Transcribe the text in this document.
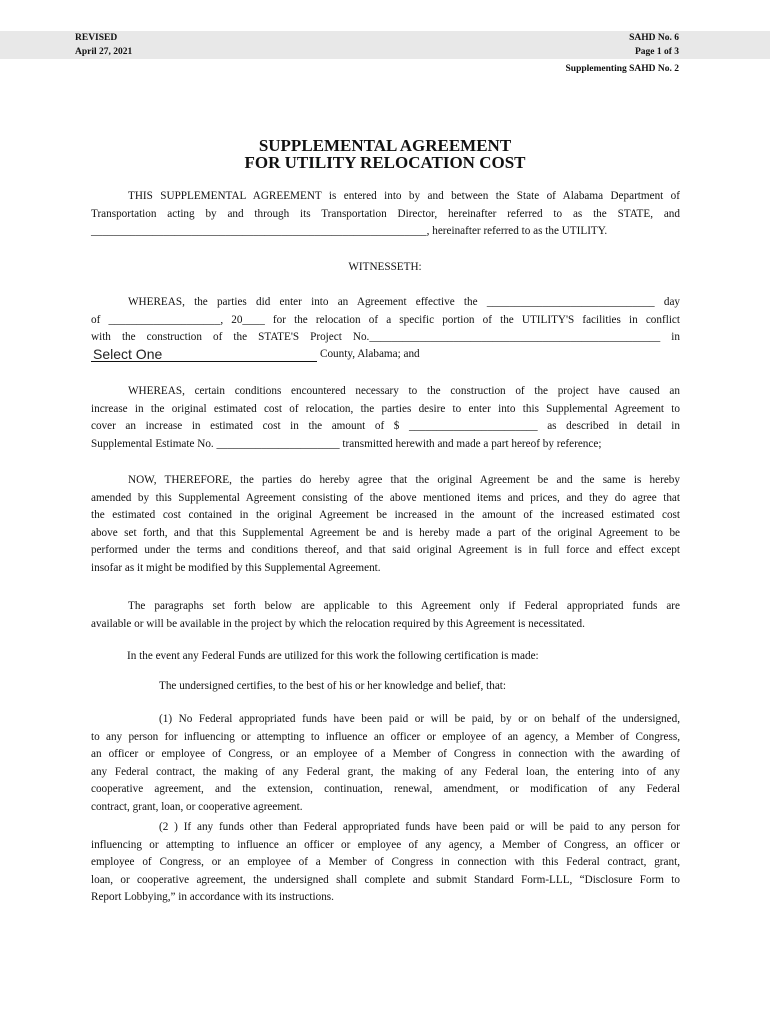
REVISED
April 27, 2021
SAHD No. 6
Page 1 of 3
Supplementing SAHD No. 2
SUPPLEMENTAL AGREEMENT
FOR UTILITY RELOCATION COST
THIS SUPPLEMENTAL AGREEMENT is entered into by and between the State of Alabama Department of
Transportation acting by and through its Transportation Director, hereinafter referred to as the STATE, and
____________________________________________________________, hereinafter referred to as the UTILITY.
WITNESSETH:
WHEREAS, the parties did enter into an Agreement effective the ______________________________ day
of ____________________, 20____ for the relocation of a specific portion of the UTILITY'S facilities in conflict
with the construction of the STATE'S Project No.____________________________________________________ in
Select One	County, Alabama; and
WHEREAS, certain conditions encountered necessary to the construction of the project have caused an
increase in the original estimated cost of relocation, the parties desire to enter into this Supplemental Agreement to
cover an increase in estimated cost in the amount of $ _______________________ as described in detail in
Supplemental Estimate No. ______________________ transmitted herewith and made a part hereof by reference;
NOW, THEREFORE, the parties do hereby agree that the original Agreement be and the same is hereby
amended by this Supplemental Agreement consisting of the above mentioned items and prices, and they do agree that
the estimated cost contained in the original Agreement be increased in the amount of the increased estimated cost
above set forth, and that this Supplemental Agreement be and is hereby made a part of the original Agreement to be
performed under the terms and conditions thereof, and that said original Agreement is in full force and effect except
insofar as it might be modified by this Supplemental Agreement.
The paragraphs set forth below are applicable to this Agreement only if Federal appropriated funds are
available or will be available in the project by which the relocation required by this Agreement is necessitated.
In the event any Federal Funds are utilized for this work the following certification is made:
The undersigned certifies, to the best of his or her knowledge and belief, that:
(1) No Federal appropriated funds have been paid or will be paid, by or on behalf of the undersigned,
to any person for influencing or attempting to influence an officer or employee of an agency, a Member of Congress,
an officer or employee of Congress, or an employee of a Member of Congress in connection with the awarding of
any Federal contract, the making of any Federal grant, the making of any Federal loan, the entering into of any
cooperative agreement, and the extension, continuation, renewal, amendment, or modification of any Federal
contract, grant, loan, or cooperative agreement.
(2 ) If any funds other than Federal appropriated funds have been paid or will be paid to any person for
influencing or attempting to influence an officer or employee of any agency, a Member of Congress, an officer or
employee of Congress, or an employee of a Member of Congress in connection with this Federal contract, grant,
loan, or cooperative agreement, the undersigned shall complete and submit Standard Form-LLL, “Disclosure Form to
Report Lobbying,” in accordance with its instructions.
